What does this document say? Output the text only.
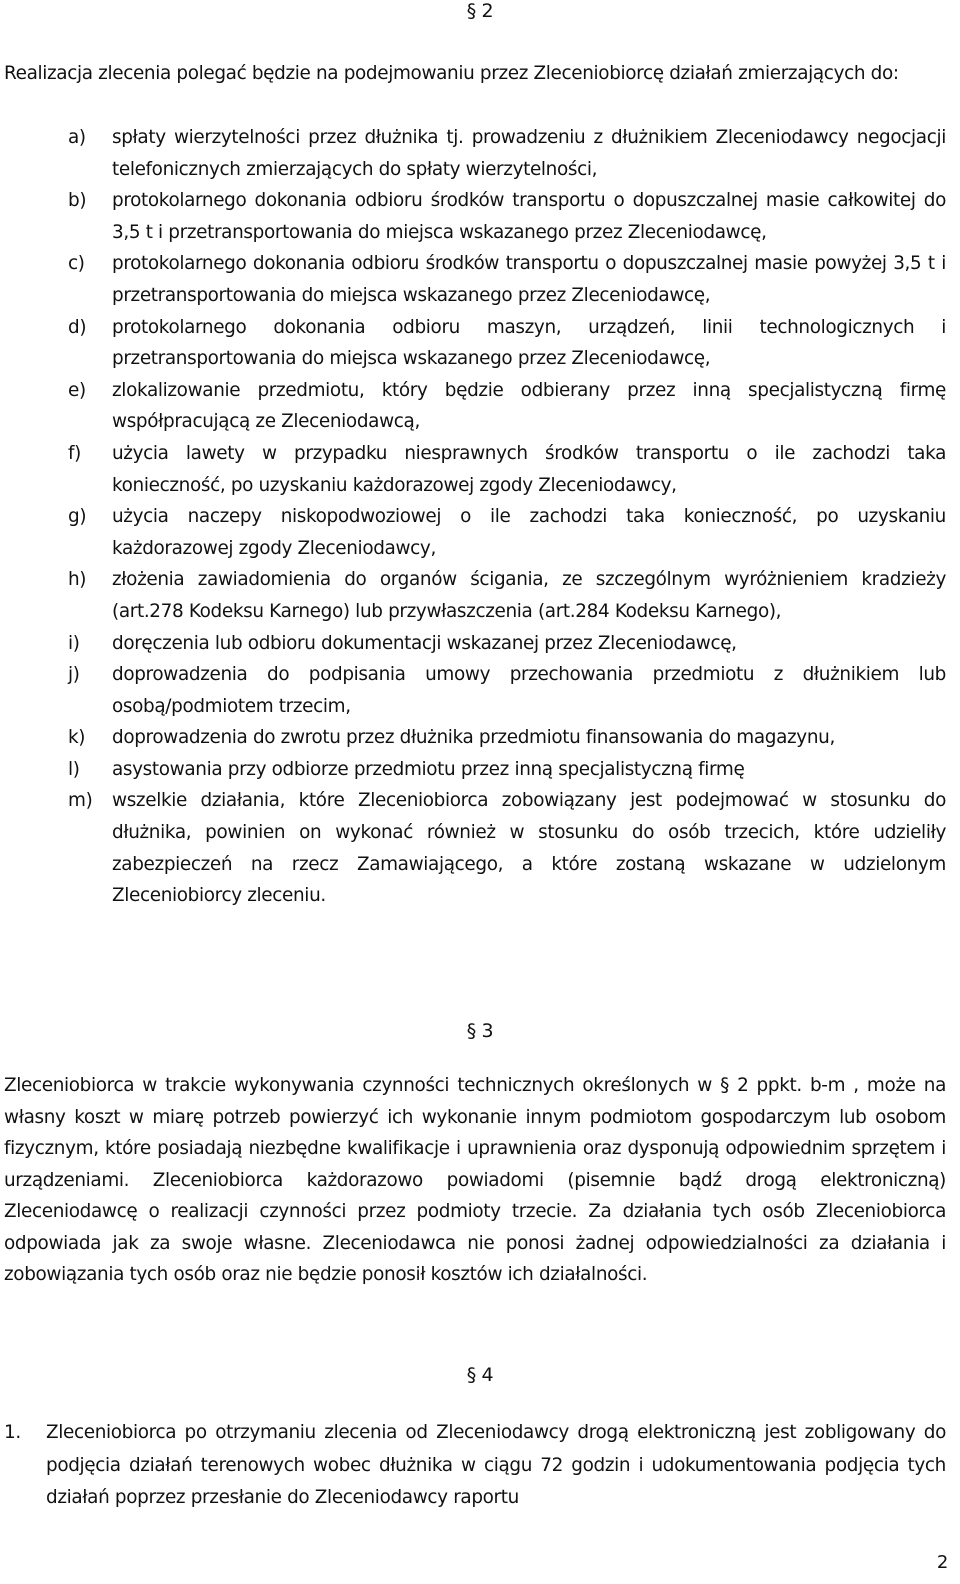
§ 2

Realizacja zlecenia polegać będzie na podejmowaniu przez Zleceniobiorcę działań zmierzających do:

a) spłaty wierzytelności przez dłużnika tj. prowadzeniu z dłużnikiem Zleceniodawcy negocjacji telefonicznych zmierzających do spłaty wierzytelności,
b) protokolarnego dokonania odbioru środków transportu o dopuszczalnej masie całkowitej do 3,5 t i przetransportowania do miejsca wskazanego przez Zleceniodawcę,
c) protokolarnego dokonania odbioru środków transportu o dopuszczalnej masie powyżej 3,5 t i przetransportowania do miejsca wskazanego przez Zleceniodawcę,
d) protokolarnego dokonania odbioru maszyn, urządzeń, linii technologicznych i przetransportowania do miejsca wskazanego przez Zleceniodawcę,
e) zlokalizowanie przedmiotu, który będzie odbierany przez inną specjalistyczną firmę współpracującą ze Zleceniodawcą,
f) użycia lawety w przypadku niesprawnych środków transportu o ile zachodzi taka konieczność, po uzyskaniu każdorazowej zgody Zleceniodawcy,
g) użycia naczepy niskopodwoziowej o ile zachodzi taka konieczność, po uzyskaniu każdorazowej zgody Zleceniodawcy,
h) złożenia zawiadomienia do organów ścigania, ze szczególnym wyróżnieniem kradzieży (art.278 Kodeksu Karnego) lub przywłaszczenia (art.284 Kodeksu Karnego),
i) doręczenia lub odbioru dokumentacji wskazanej przez Zleceniodawcę,
j) doprowadzenia do podpisania umowy przechowania przedmiotu z dłużnikiem lub osobą/podmiotem trzecim,
k) doprowadzenia do zwrotu przez dłużnika przedmiotu finansowania do magazynu,
l) asystowania przy odbiorze przedmiotu przez inną specjalistyczną firmę
m) wszelkie działania, które Zleceniobiorca zobowiązany jest podejmować w stosunku do dłużnika, powinien on wykonać również w stosunku do osób trzecich, które udzieliły zabezpieczeń na rzecz Zamawiającego, a które zostaną wskazane w udzielonym Zleceniobiorcy zleceniu.
§ 3

Zleceniobiorca w trakcie wykonywania czynności technicznych określonych w § 2 ppkt. b-m , może na własny koszt w miarę potrzeb powierzyć ich wykonanie innym podmiotom gospodarczym lub osobom fizycznym, które posiadają niezbędne kwalifikacje i uprawnienia oraz dysponują odpowiednim sprzętem i urządzeniami. Zleceniobiorca każdorazowo powiadomi (pisemnie bądź drogą elektroniczną) Zleceniodawcę o realizacji czynności przez podmioty trzecie. Za działania tych osób Zleceniobiorca odpowiada jak za swoje własne. Zleceniodawca nie ponosi żadnej odpowiedzialności za działania i zobowiązania tych osób oraz nie będzie ponosił kosztów ich działalności.

§ 4
1. Zleceniobiorca po otrzymaniu zlecenia od Zleceniodawcy drogą elektroniczną jest zobligowany do podjęcia działań terenowych wobec dłużnika w ciągu 72 godzin i udokumentowania podjęcia tych działań poprzez przesłanie do Zleceniodawcy raportu
2
